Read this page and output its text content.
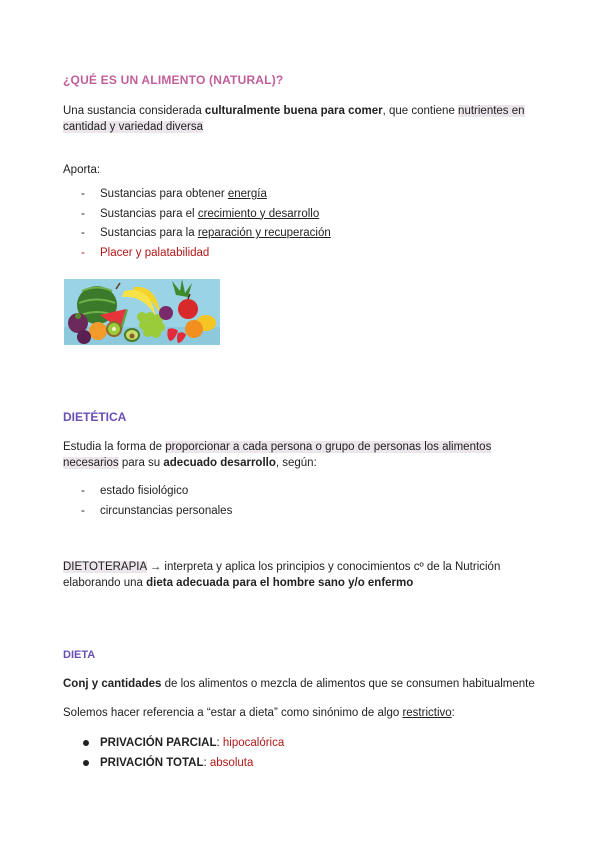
¿QUÉ ES UN ALIMENTO (NATURAL)?
Una sustancia considerada culturalmente buena para comer, que contiene nutrientes en
cantidad y variedad diversa
Aporta:
- Sustancias para obtener energía
- Sustancias para el crecimiento y desarrollo
- Sustancias para la reparación y recuperación
- Placer y palatabilidad
DIETÉTICA
Estudia la forma de proporcionar a cada persona o grupo de personas los alimentos
necesarios para su adecuado desarrollo, según:
- estado fisiológico
- circunstancias personales
DIETOTERAPIA → interpreta y aplica los principios y conocimientos cº de la Nutrición
elaborando una dieta adecuada para el hombre sano y/o enfermo
DIETA
Conj y cantidades de los alimentos o mezcla de alimentos que se consumen habitualmente
Solemos hacer referencia a “estar a dieta” como sinónimo de algo restrictivo:
PRIVACIÓN PARCIAL: hipocalórica
PRIVACIÓN TOTAL: absoluta
